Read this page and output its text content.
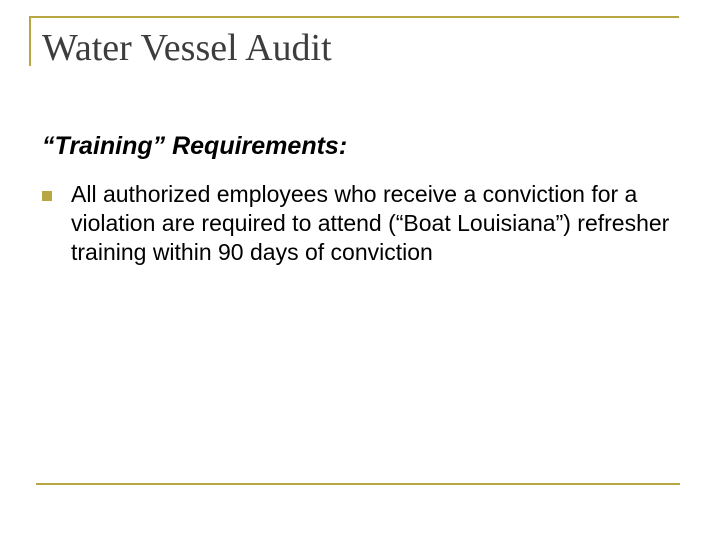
Water Vessel Audit
“Training” Requirements:
All authorized employees who receive a conviction for a violation are required to attend (“Boat Louisiana”) refresher training within 90 days of conviction
